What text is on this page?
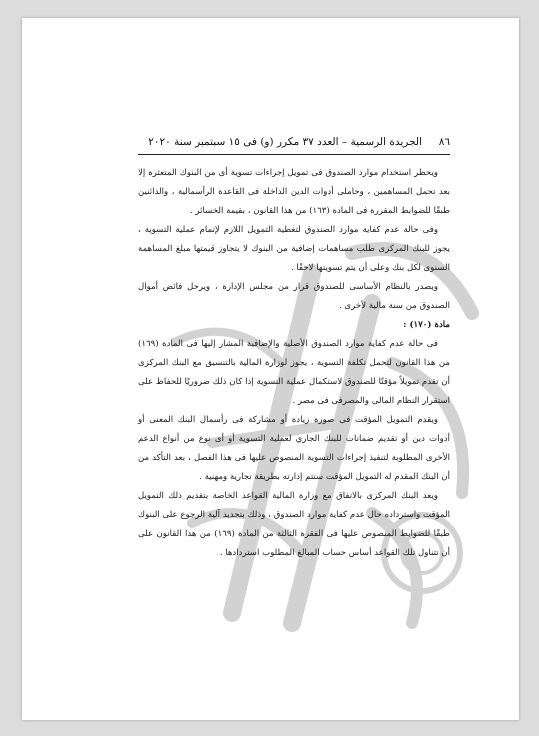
٨٦
الجريدة الرسمية – العدد ٣٧ مكرر (و) فى ١٥ سبتمبر سنة ٢٠٢٠

ويحظر استخدام موارد الصندوق فى تمويل إجراءات تسوية أى من البنوك المتعثرة إلا بعد تحمل المساهمين ، وحاملى أدوات الدين الداخلة فى القاعدة الرأسمالية ، والدائنين طبقًا للضوابط المقررة فى المادة (١٦٣) من هذا القانون ، بقيمة الخسائر .

وفى حالة عدم كفاية موارد الصندوق لتغطية التمويل اللازم لإتمام عملية التسوية ، يجوز للبنك المركزى طلب مساهمات إضافية من البنوك لا يتجاوز قيمتها مبلغ المساهمة السنوى لكل بنك وعلى أن يتم تسويتها لاحقًا .

ويصدر بالنظام الأساسى للصندوق قرار من مجلس الإدارة ، ويرحل فائض أموال الصندوق من سنة مالية لأخرى .

مادة (١٧٠) :

فى حالة عدم كفاية موارد الصندوق الأصلية والإضافية المشار إليها فى المادة (١٦٩) من هذا القانون لتحمل تكلفة التسوية ، يجوز لوزارة المالية بالتنسيق مع البنك المركزى أن تقدم تمويلاً مؤقتًا للصندوق لاستكمال عملية التسوية إذا كان ذلك ضروريًا للحفاظ على استقرار النظام المالى والمصرفى فى مصر .

ويقدم التمويل المؤقت فى صورة زيادة أو مشاركة فى رأسمال البنك المعنى أو أدوات دين أو تقديم ضمانات للبنك الجاري لعملية التسوية أو أى نوع من أنواع الدعم الأخرى المطلوبة لتنفيذ إجراءات التسوية المنصوص عليها فى هذا الفصل ، بعد التأكد من أن البنك المقدم له التمويل المؤقت ستتم إدارته بطريقة تجارية ومهنية .

ويعد البنك المركزى بالاتفاق مع وزارة المالية القواعد الخاصة بتقديم ذلك التمويل المؤقت واسترداده حال عدم كفاية موارد الصندوق ، وذلك بتحديد آلية الرجوع على البنوك طبقًا للضوابط المنصوص عليها فى الفقرة الثالثة من المادة (١٦٩) من هذا القانون على أن تتناول تلك القواعد أساس حساب المبالغ المطلوب استردادها .
